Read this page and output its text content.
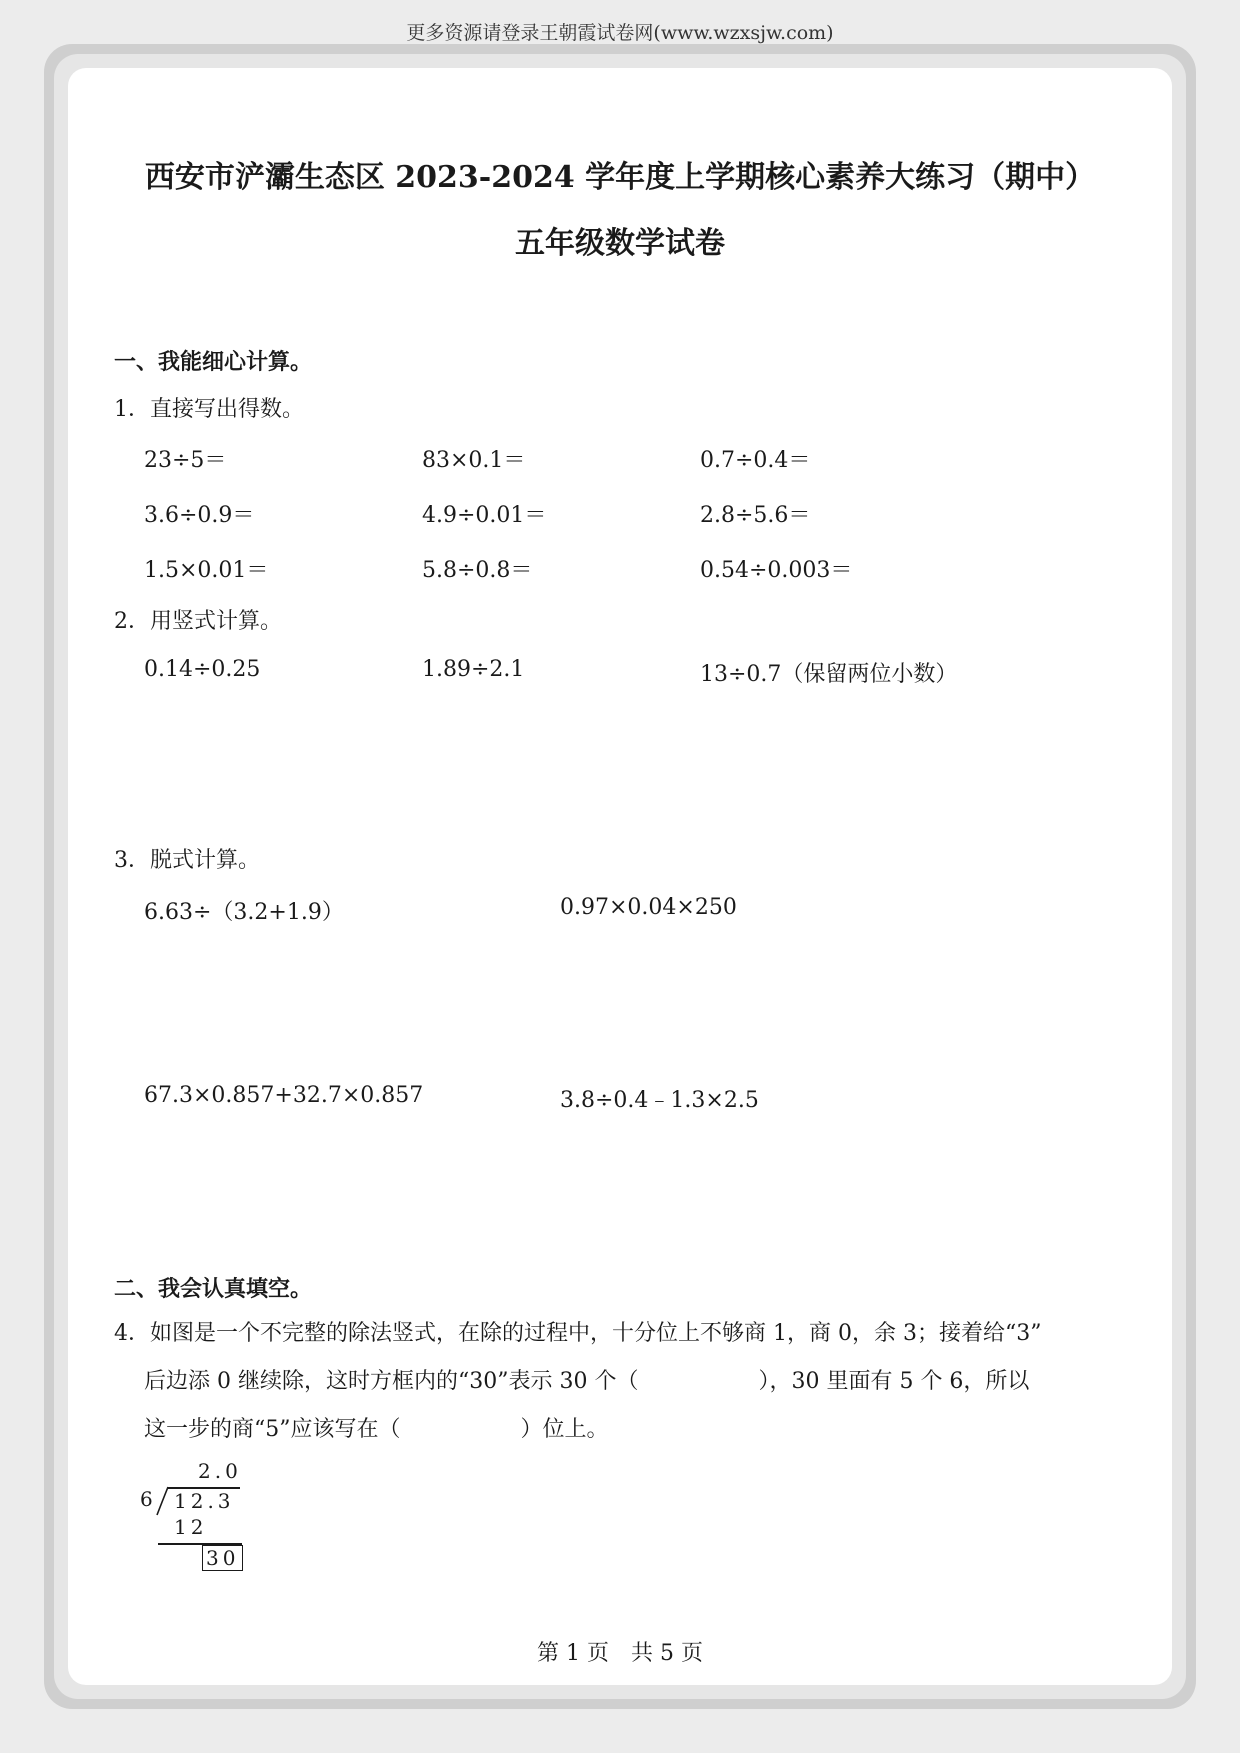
更多资源请登录王朝霞试卷网(www.wzxsjw.com)
西安市浐灞生态区 2023-2024 学年度上学期核心素养大练习（期中）
五年级数学试卷
一、我能细心计算。
1．直接写出得数。
23÷5＝	83×0.1＝	0.7÷0.4＝
3.6÷0.9＝	4.9÷0.01＝	2.8÷5.6＝
1.5×0.01＝	5.8÷0.8＝	0.54÷0.003＝
2．用竖式计算。
0.14÷0.25	1.89÷2.1	13÷0.7（保留两位小数）
3．脱式计算。
6.63÷（3.2+1.9）	0.97×0.04×250
67.3×0.857+32.7×0.857	3.8÷0.4﹣1.3×2.5
二、我会认真填空。
4．如图是一个不完整的除法竖式，在除的过程中，十分位上不够商 1，商 0，余 3；接着给“3”
后边添 0 继续除，这时方框内的“30”表示 30 个（	），30 里面有 5 个 6，所以
这一步的商“5”应该写在（	）位上。
2.0
6 12.3
12
30
第 1 页　共 5 页
